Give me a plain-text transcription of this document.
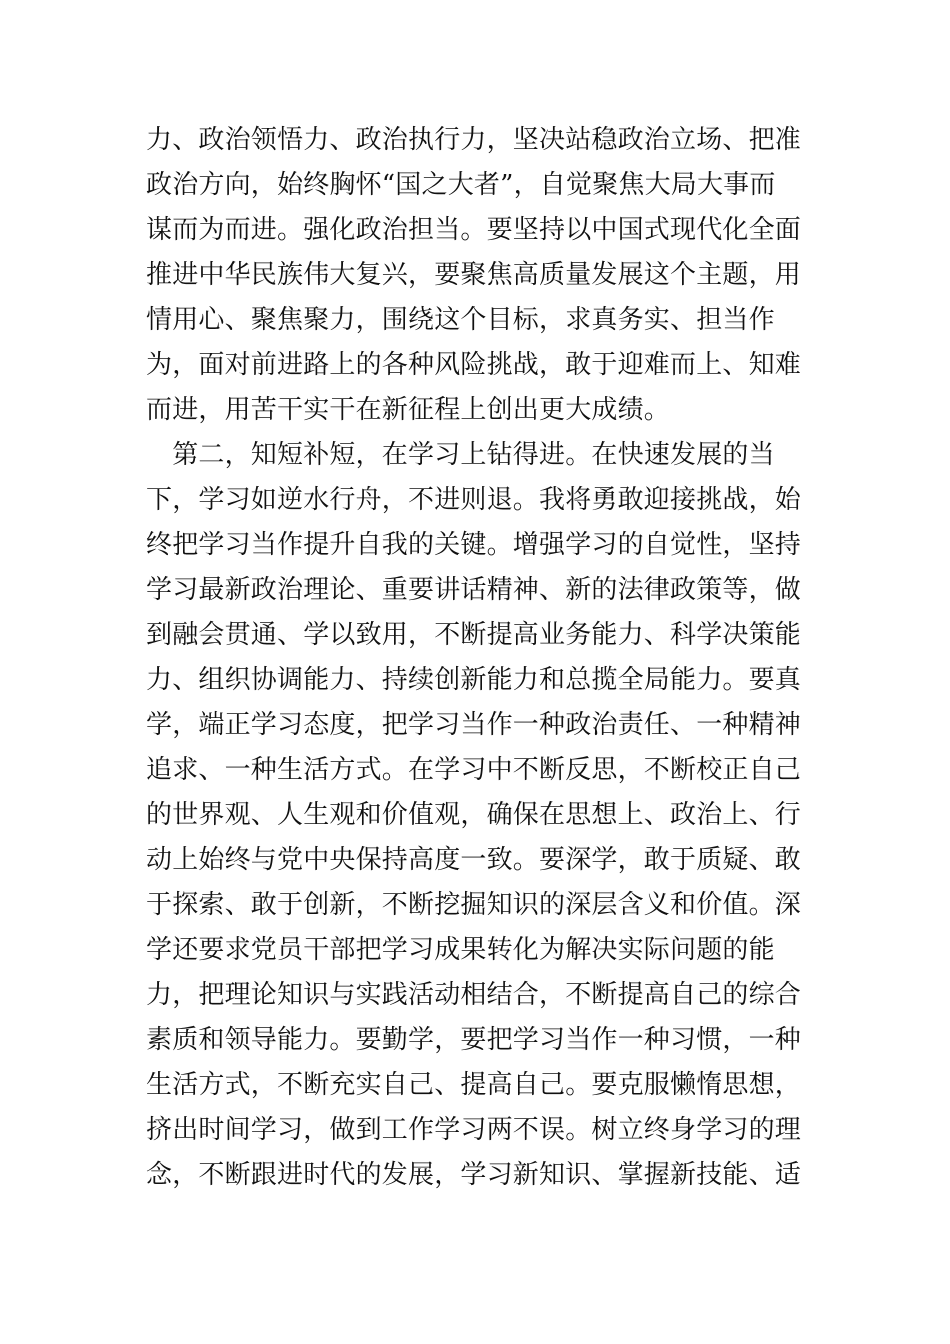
力、政治领悟力、政治执行力，坚决站稳政治立场、把准
政治方向，始终胸怀“国之大者”，自觉聚焦大局大事而
谋而为而进。强化政治担当。要坚持以中国式现代化全面
推进中华民族伟大复兴，要聚焦高质量发展这个主题，用
情用心、聚焦聚力，围绕这个目标，求真务实、担当作
为，面对前进路上的各种风险挑战，敢于迎难而上、知难
而进，用苦干实干在新征程上创出更大成绩。
　第二，知短补短，在学习上钻得进。在快速发展的当
下，学习如逆水行舟，不进则退。我将勇敢迎接挑战，始
终把学习当作提升自我的关键。增强学习的自觉性，坚持
学习最新政治理论、重要讲话精神、新的法律政策等，做
到融会贯通、学以致用，不断提高业务能力、科学决策能
力、组织协调能力、持续创新能力和总揽全局能力。要真
学，端正学习态度，把学习当作一种政治责任、一种精神
追求、一种生活方式。在学习中不断反思，不断校正自己
的世界观、人生观和价值观，确保在思想上、政治上、行
动上始终与党中央保持高度一致。要深学，敢于质疑、敢
于探索、敢于创新，不断挖掘知识的深层含义和价值。深
学还要求党员干部把学习成果转化为解决实际问题的能
力，把理论知识与实践活动相结合，不断提高自己的综合
素质和领导能力。要勤学，要把学习当作一种习惯，一种
生活方式，不断充实自己、提高自己。要克服懒惰思想，
挤出时间学习，做到工作学习两不误。树立终身学习的理
念，不断跟进时代的发展，学习新知识、掌握新技能、适
